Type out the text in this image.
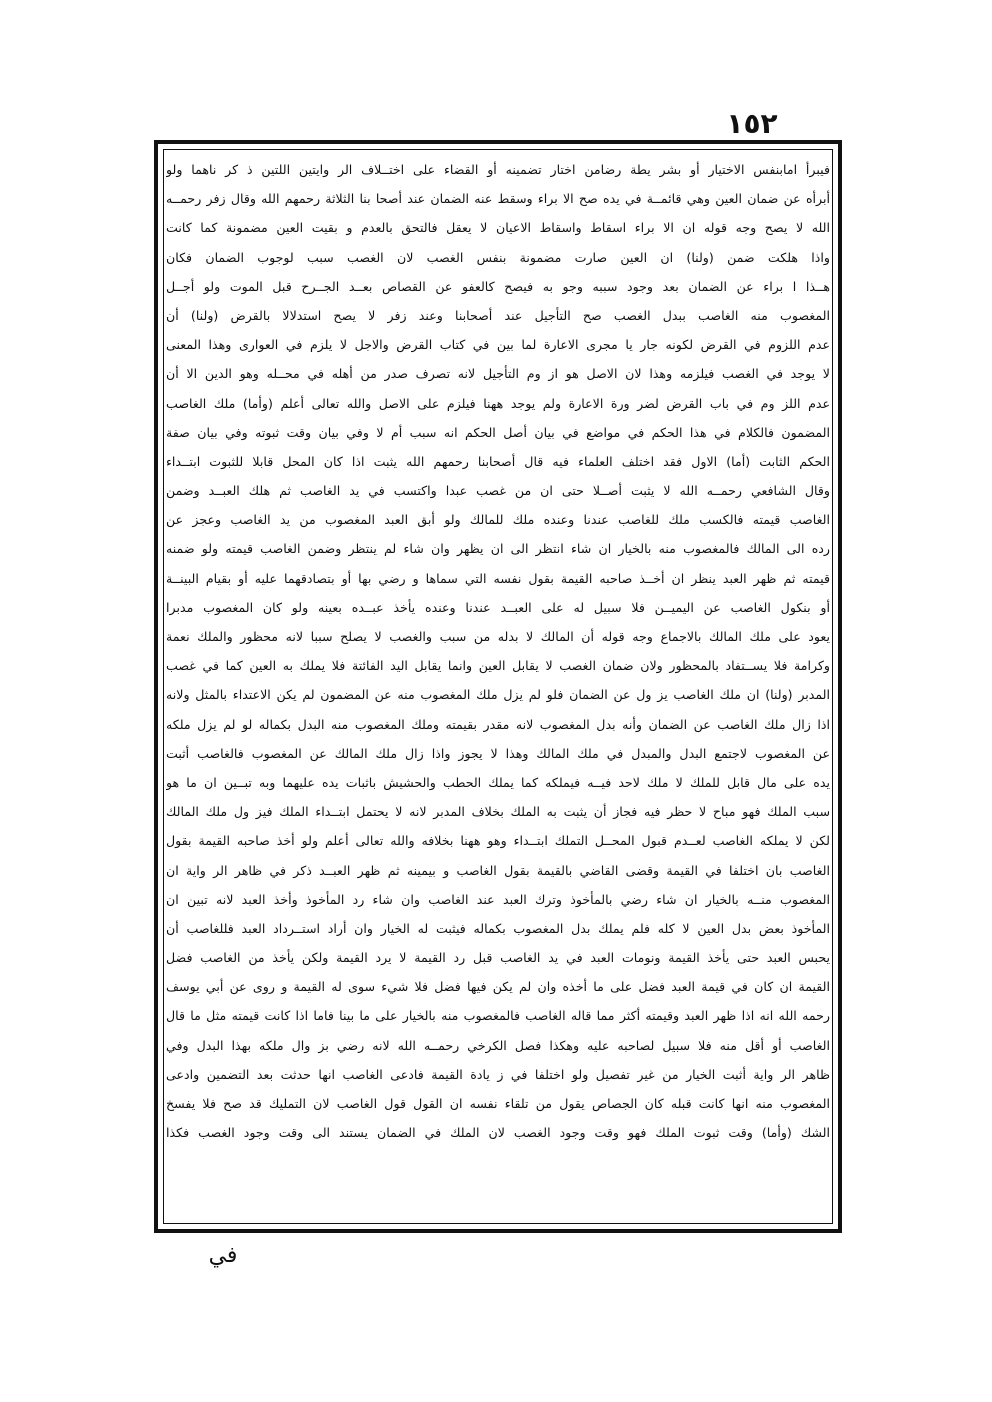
١٥٢
فيبرأ امابنفس الاختيار أو بشر يطة رضامن اختار تضمينه أو القضاء على اختــلاف الر وايتين اللتين ذ كر ناهما ولو
أبرأه عن ضمان العين وهي قائمــة في يده صح الا براء وسقط عنه الضمان عند أصحا بنا الثلاثة رحمهم الله وقال زفر رحمــه
الله لا يصح وجه قوله ان الا براء اسقاط واسقاط الاعيان لا يعقل فالتحق بالعدم و بقيت العين مضمونة كما كانت
واذا هلكت ضمن (ولنا) ان العين صارت مضمونة بنفس الغصب لان الغصب سبب لوجوب الضمان فكان
هــذا ا براء عن الضمان بعد وجود سببه وجو به فيصح كالعفو عن القصاص بعــد الجــرح قبل الموت ولو أجــل
المغصوب منه الغاصب ببدل الغصب صح التأجيل عند أصحابنا وعند زفر لا يصح استدلالا بالقرض (ولنا) أن
عدم اللزوم في القرض لكونه جار يا مجرى الاعارة لما بين في كتاب القرض والاجل لا يلزم في العوارى وهذا المعنى
لا يوجد في الغصب فيلزمه وهذا لان الاصل هو از وم التأجيل لانه تصرف صدر من أهله في محــله وهو الدين الا أن
عدم اللز وم في باب القرض لضر ورة الاعارة ولم يوجد ههنا فيلزم على الاصل والله تعالى أعلم (وأما) ملك الغاصب
المضمون فالكلام في هذا الحكم في مواضع في بيان أصل الحكم انه سبب أم لا وفي بيان وقت ثبوته وفي بيان صفة
الحكم الثابت (أما) الاول فقد اختلف العلماء فيه قال أصحابنا رحمهم الله يثبت اذا كان المحل قابلا للثبوت ابتــداء
وقال الشافعي رحمــه الله لا يثبت أصــلا حتى ان من غصب عبدا واكتسب في يد الغاصب ثم هلك العبــد وضمن
الغاصب قيمته فالكسب ملك للغاصب عندنا وعنده ملك للمالك ولو أبق العبد المغصوب من يد الغاصب وعجز عن
رده الى المالك فالمغصوب منه بالخيار ان شاء انتظر الى ان يظهر وان شاء لم ينتظر وضمن الغاصب قيمته ولو ضمنه
قيمته ثم ظهر العبد ينظر ان أخــذ صاحبه القيمة بقول نفسه التي سماها و رضي بها أو بتصادقهما عليه أو بقيام البينــة
أو بنكول الغاصب عن اليميــن فلا سبيل له على العبــد عندنا وعنده يأخذ عبــده بعينه ولو كان المغصوب مدبرا
يعود على ملك المالك بالاجماع وجه قوله أن المالك لا بدله من سبب والغصب لا يصلح سببا لانه محظور والملك نعمة
وكرامة فلا يســتفاد بالمحظور ولان ضمان الغصب لا يقابل العين وانما يقابل اليد الفائتة فلا يملك به العين كما في غصب
المدبر (ولنا) ان ملك الغاصب يز ول عن الضمان فلو لم يزل ملك المغصوب منه عن المضمون لم يكن الاعتداء بالمثل ولانه
اذا زال ملك الغاصب عن الضمان وأنه بدل المغصوب لانه مقدر بقيمته وملك المغصوب منه البدل بكماله لو لم يزل ملكه
عن المغصوب لاجتمع البدل والمبدل في ملك المالك وهذا لا يجوز واذا زال ملك المالك عن المغصوب فالغاصب أثبت
يده على مال قابل للملك لا ملك لاحد فيــه فيملكه كما يملك الحطب والحشيش باثبات يده عليهما وبه تبــين ان ما هو
سبب الملك فهو مباح لا حظر فيه فجاز أن يثبت به الملك بخلاف المدبر لانه لا يحتمل ابتــداء الملك فيز ول ملك المالك
لكن لا يملكه الغاصب لعــدم قبول المحــل التملك ابتــداء وهو ههنا بخلافه والله تعالى أعلم ولو أخذ صاحبه القيمة بقول
الغاصب بان اختلفا في القيمة وقضى القاضي بالقيمة بقول الغاصب و بيمينه ثم ظهر العبــد ذكر في ظاهر الر واية ان
المغصوب منــه بالخيار ان شاء رضي بالمأخوذ وترك العبد عند الغاصب وان شاء رد المأخوذ وأخذ العبد لانه تبين ان
المأخوذ بعض بدل العين لا كله فلم يملك بدل المغصوب بكماله فيثبت له الخيار وان أراد استــرداد العبد فللغاصب أن
يحبس العبد حتى يأخذ القيمة ونومات العبد في يد الغاصب قبل رد القيمة لا يرد القيمة ولكن يأخذ من الغاصب فضل
القيمة ان كان في قيمة العبد فضل على ما أخذه وان لم يكن فيها فضل فلا شيء سوى له القيمة و روى عن أبي يوسف
رحمه الله انه اذا ظهر العبد وقيمته أكثر مما قاله الغاصب فالمغصوب منه بالخيار على ما بينا فاما اذا كانت قيمته مثل ما قال
الغاصب أو أقل منه فلا سبيل لصاحبه عليه وهكذا فصل الكرخي رحمــه الله لانه رضي بز وال ملكه بهذا البدل وفي
ظاهر الر واية أثبت الخيار من غير تفصيل ولو اختلفا في ز يادة القيمة فادعى الغاصب انها حدثت بعد التضمين وادعى
المغصوب منه انها كانت قبله كان الجصاص يقول من تلقاء نفسه ان القول قول الغاصب لان التمليك قد صح فلا يفسخ
الشك (وأما) وقت ثبوت الملك فهو وقت وجود الغصب لان الملك في الضمان يستند الى وقت وجود الغصب فكذا
في
